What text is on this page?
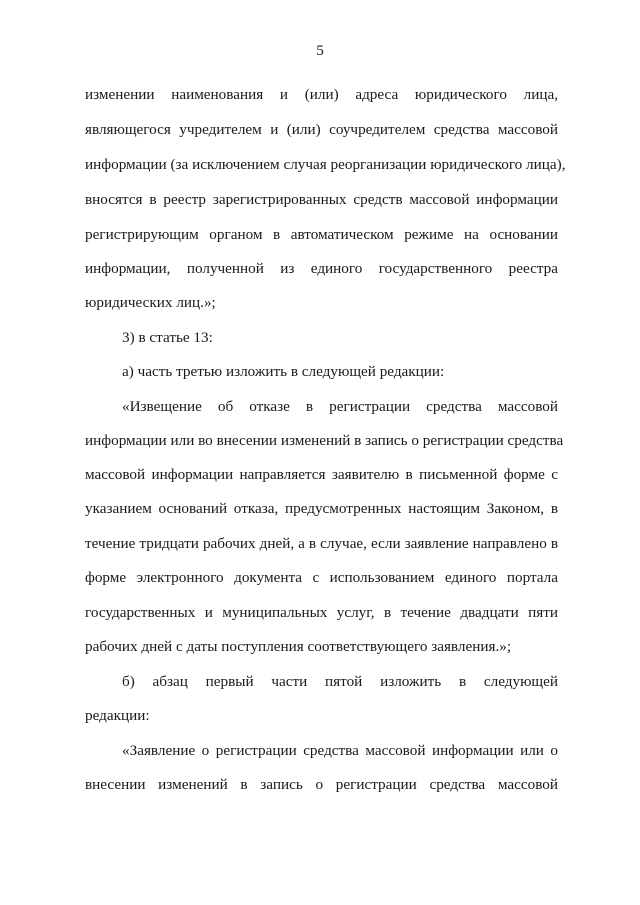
5
изменении наименования и (или) адреса юридического лица,
являющегося учредителем и (или) соучредителем средства массовой
информации (за исключением случая реорганизации юридического лица),
вносятся в реестр зарегистрированных средств массовой информации
регистрирующим органом в автоматическом режиме на основании
информации, полученной из единого государственного реестра
юридических лиц.»;
3) в статье 13:
а) часть третью изложить в следующей редакции:
«Извещение об отказе в регистрации средства массовой
информации или во внесении изменений в запись о регистрации средства
массовой информации направляется заявителю в письменной форме с
указанием оснований отказа, предусмотренных настоящим Законом, в
течение тридцати рабочих дней, а в случае, если заявление направлено в
форме электронного документа с использованием единого портала
государственных и муниципальных услуг, в течение двадцати пяти
рабочих дней с даты поступления соответствующего заявления.»;
б) абзац первый части пятой изложить в следующей
редакции:
«Заявление о регистрации средства массовой информации или о
внесении изменений в запись о регистрации средства массовой
